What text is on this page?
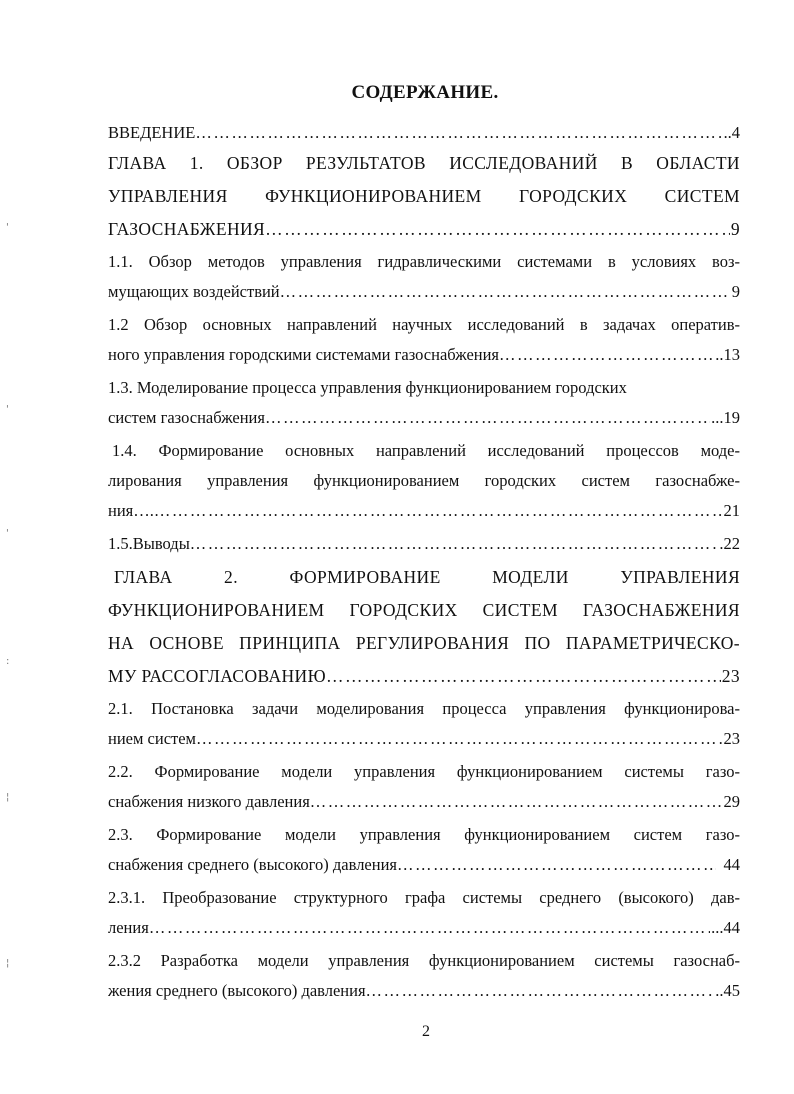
'
'
'
:
¦
¦
СОДЕРЖАНИЕ.
ВВЕДЕНИЕ ………………………………………………………………………………………………………………………………………………………………………………………………	.4
ГЛАВА 1. ОБЗОР РЕЗУЛЬТАТОВ ИССЛЕДОВАНИЙ В ОБЛАСТИ
УПРАВЛЕНИЯ ФУНКЦИОНИРОВАНИЕМ ГОРОДСКИХ СИСТЕМ
ГАЗОСНАБЖЕНИЯ ………………………………………………………………………………………………………………………………………………………………………………………………	9
1.1. Обзор методов управления гидравлическими системами в условиях воз-
мущающих воздействий ………………………………………………………………………………………………………………………………………………………………………………………………	9
1.2 Обзор основных направлений научных исследований в задачах оператив-
ного управления городскими системами газоснабжения ………………………………………………………………………………………………………………………………………………………………………………………………	..13
1.3. Моделирование процесса управления функционированием городских
систем газоснабжения ………………………………………………………………………………………………………………………………………………………………………………………………	...19
1.4. Формирование основных направлений исследований процессов моде-
лирования управления функционированием городских систем газоснабже-
ния…. ………………………………………………………………………………………………………………………………………………………………………………………………	21
1.5.Выводы ………………………………………………………………………………………………………………………………………………………………………………………………	.22
ГЛАВА	2.	ФОРМИРОВАНИЕ	МОДЕЛИ	УПРАВЛЕНИЯ
ФУНКЦИОНИРОВАНИЕМ ГОРОДСКИХ СИСТЕМ ГАЗОСНАБЖЕНИЯ
НА ОСНОВЕ ПРИНЦИПА РЕГУЛИРОВАНИЯ ПО ПАРАМЕТРИЧЕСКО-
МУ РАССОГЛАСОВАНИЮ ………………………………………………………………………………………………………………………………………………………………………………………………	23
2.1. Постановка задачи моделирования процесса управления функционирова-
нием систем ………………………………………………………………………………………………………………………………………………………………………………………………	23
2.2. Формирование модели управления функционированием системы газо-
снабжения низкого давления ………………………………………………………………………………………………………………………………………………………………………………………………	29
2.3. Формирование модели управления функционированием систем газо-
снабжения среднего (высокого) давления ………………………………………………………………………………………………………………………………………………………………………………………………	44
2.3.1. Преобразование структурного графа системы среднего (высокого) дав-
ления ………………………………………………………………………………………………………………………………………………………………………………………………	...44
2.3.2 Разработка модели управления функционированием системы газоснаб-
жения среднего (высокого) давления ………………………………………………………………………………………………………………………………………………………………………………………………	..45
2
